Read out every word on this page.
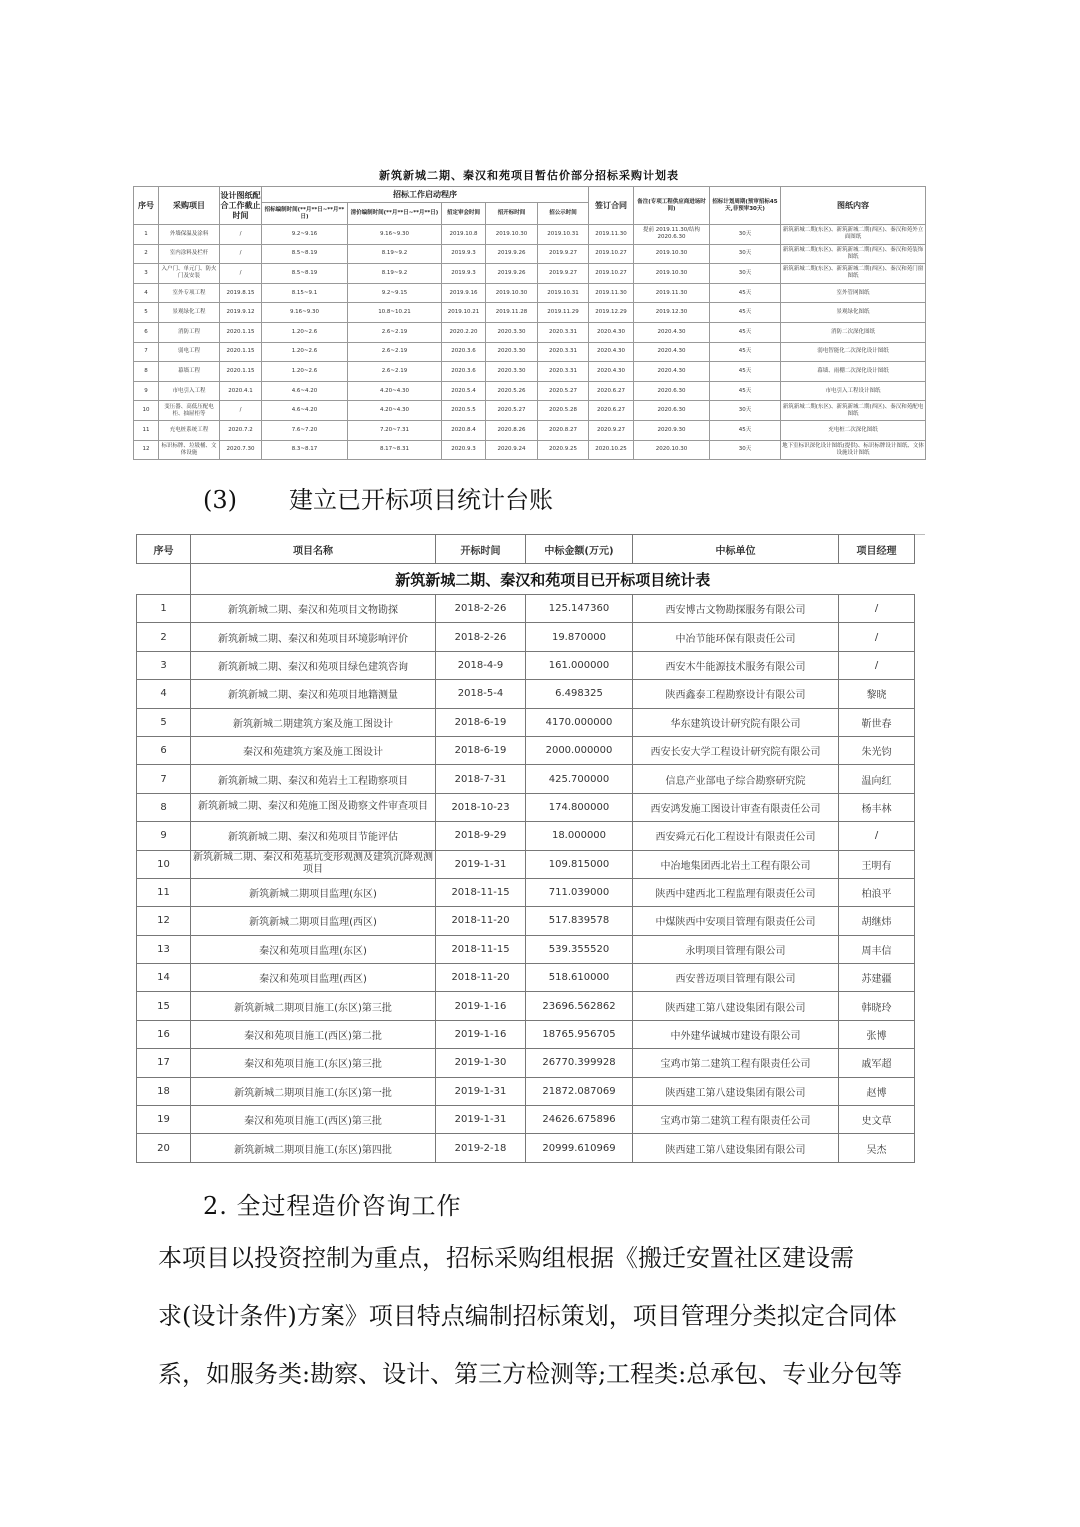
新筑新城二期、秦汉和苑项目暂估价部分招标采购计划表
序号	采购项目	设计图纸配合工作截止时间	招标工作启动程序					签订合同	备注(专项工程供应商进场时间)	招标计划周期(预审招标45天,非预审30天)	图纸内容
			招标编制时间(**月**日~**月**日)	清价编制时间(**月**日~**月**日)	招定审会时间	招开标时间	招公示时间				
1	外墙保温及涂料	/	9.2~9.16	9.16~9.30	2019.10.8	2019.10.30	2019.10.31	2019.11.30	提前 2019.11.30/结构2020.6.30	30天	新筑新城二期(东区)、新筑新城二期(西区)、秦汉和苑外立面图纸
2	室内涂料及栏杆	/	8.5~8.19	8.19~9.2	2019.9.3	2019.9.26	2019.9.27	2019.10.27	2019.10.30	30天	新筑新城二期(东区)、新筑新城二期(西区)、秦汉和苑装饰图纸
3	入户门、单元门、防火门及安装	/	8.5~8.19	8.19~9.2	2019.9.3	2019.9.26	2019.9.27	2019.10.27	2019.10.30	30天	新筑新城二期(东区)、新筑新城二期(西区)、秦汉和苑门窗图纸
4	室外专项工程	2019.8.15	8.15~9.1	9.2~9.15	2019.9.16	2019.10.30	2019.10.31	2019.11.30	2019.11.30	45天	室外管网图纸
5	景观绿化工程	2019.9.12	9.16~9.30	10.8~10.21	2019.10.21	2019.11.28	2019.11.29	2019.12.29	2019.12.30	45天	景观绿化图纸
6	消防工程	2020.1.15	1.20~2.6	2.6~2.19	2020.2.20	2020.3.30	2020.3.31	2020.4.30	2020.4.30	45天	消防二次深化图纸
7	弱电工程	2020.1.15	1.20~2.6	2.6~2.19	2020.3.6	2020.3.30	2020.3.31	2020.4.30	2020.4.30	45天	弱电智能化二次深化设计图纸
8	幕墙工程	2020.1.15	1.20~2.6	2.6~2.19	2020.3.6	2020.3.30	2020.3.31	2020.4.30	2020.4.30	45天	幕墙、雨棚二次深化设计图纸
9	市电引入工程	2020.4.1	4.6~4.20	4.20~4.30	2020.5.4	2020.5.26	2020.5.27	2020.6.27	2020.6.30	45天	市电引入工程设计图纸
10	变压器、高低压配电柜、抽屉柜等	/	4.6~4.20	4.20~4.30	2020.5.5	2020.5.27	2020.5.28	2020.6.27	2020.6.30	30天	新筑新城二期(东区)、新筑新城二期(西区)、秦汉和苑配电图纸
11	充电桩系统工程	2020.7.2	7.6~7.20	7.20~7.31	2020.8.4	2020.8.26	2020.8.27	2020.9.27	2020.9.30	45天	充电桩二次深化图纸
12	标识标牌、垃圾桶、文体设施	2020.7.30	8.3~8.17	8.17~8.31	2020.9.3	2020.9.24	2020.9.25	2020.10.25	2020.10.30	30天	地下室标识深化设计图纸(提供)、标识标牌设计图纸、文体设施设计图纸
(3) 建立已开标项目统计台账
	新筑新城二期、秦汉和苑项目已开标项目统计表				
序号	项目名称	开标时间	中标金额(万元)	中标单位	项目经理
1	新筑新城二期、秦汉和苑项目文物勘探	2018-2-26	125.147360	西安博古文物勘探服务有限公司	/
2	新筑新城二期、秦汉和苑项目环境影响评价	2018-2-26	19.870000	中冶节能环保有限责任公司	/
3	新筑新城二期、秦汉和苑项目绿色建筑咨询	2018-4-9	161.000000	西安木牛能源技术服务有限公司	/
4	新筑新城二期、秦汉和苑项目地籍测量	2018-5-4	6.498325	陕西鑫泰工程勘察设计有限公司	黎晓
5	新筑新城二期建筑方案及施工图设计	2018-6-19	4170.000000	华东建筑设计研究院有限公司	靳世春
6	秦汉和苑建筑方案及施工图设计	2018-6-19	2000.000000	西安长安大学工程设计研究院有限公司	朱光钧
7	新筑新城二期、秦汉和苑岩土工程勘察项目	2018-7-31	425.700000	信息产业部电子综合勘察研究院	温向红
8	新筑新城二期、秦汉和苑施工图及勘察文件审查项目	2018-10-23	174.800000	西安鸿发施工图设计审查有限责任公司	杨丰林
9	新筑新城二期、秦汉和苑项目节能评估	2018-9-29	18.000000	西安舜元石化工程设计有限责任公司	/
10	新筑新城二期、秦汉和苑基坑变形观测及建筑沉降观测项目	2019-1-31	109.815000	中冶地集团西北岩土工程有限公司	王明有
11	新筑新城二期项目监理(东区)	2018-11-15	711.039000	陕西中建西北工程监理有限责任公司	柏浪平
12	新筑新城二期项目监理(西区)	2018-11-20	517.839578	中煤陕西中安项目管理有限责任公司	胡继炜
13	秦汉和苑项目监理(东区)	2018-11-15	539.355520	永明项目管理有限公司	周丰信
14	秦汉和苑项目监理(西区)	2018-11-20	518.610000	西安普迈项目管理有限公司	苏建疆
15	新筑新城二期项目施工(东区)第三批	2019-1-16	23696.562862	陕西建工第八建设集团有限公司	韩晓玲
16	秦汉和苑项目施工(西区)第二批	2019-1-16	18765.956705	中外建华诚城市建设有限公司	张博
17	秦汉和苑项目施工(东区)第三批	2019-1-30	26770.399928	宝鸡市第二建筑工程有限责任公司	戚军超
18	新筑新城二期项目施工(东区)第一批	2019-1-31	21872.087069	陕西建工第八建设集团有限公司	赵博
19	秦汉和苑项目施工(西区)第三批	2019-1-31	24626.675896	宝鸡市第二建筑工程有限责任公司	史文草
20	新筑新城二期项目施工(东区)第四批	2019-2-18	20999.610969	陕西建工第八建设集团有限公司	吴杰
2. 全过程造价咨询工作
本项目以投资控制为重点，招标采购组根据《搬迁安置社区建设需
求(设计条件)方案》项目特点编制招标策划，项目管理分类拟定合同体
系，如服务类:勘察、设计、第三方检测等;工程类:总承包、专业分包等
